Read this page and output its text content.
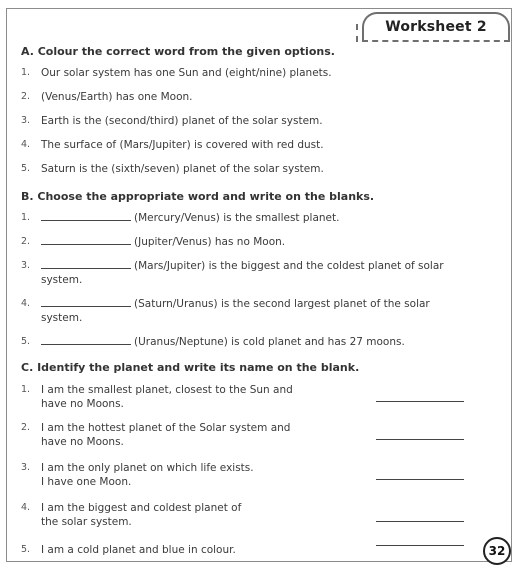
Worksheet 2
A. Colour the correct word from the given options.
1.	Our solar system has one Sun and (eight/nine) planets.
2.	(Venus/Earth) has one Moon.
3.	Earth is the (second/third) planet of the solar system.
4.	The surface of (Mars/Jupiter) is covered with red dust.
5.	Saturn is the (sixth/seven) planet of the solar system.
B. Choose the appropriate word and write on the blanks.
1.	(Mercury/Venus) is the smallest planet.
2.	(Jupiter/Venus) has no Moon.
3.	(Mars/Jupiter) is the biggest and the coldest planet of solar
system.
4.	(Saturn/Uranus) is the second largest planet of the solar
system.
5.	(Uranus/Neptune) is cold planet and has 27 moons.
C. Identify the planet and write its name on the blank.
1.	I am the smallest planet, closest to the Sun and
have no Moons.
2.	I am the hottest planet of the Solar system and
have no Moons.
3.	I am the only planet on which life exists.
I have one Moon.
4.	I am the biggest and coldest planet of
the solar system.
5.	I am a cold planet and blue in colour.	32
